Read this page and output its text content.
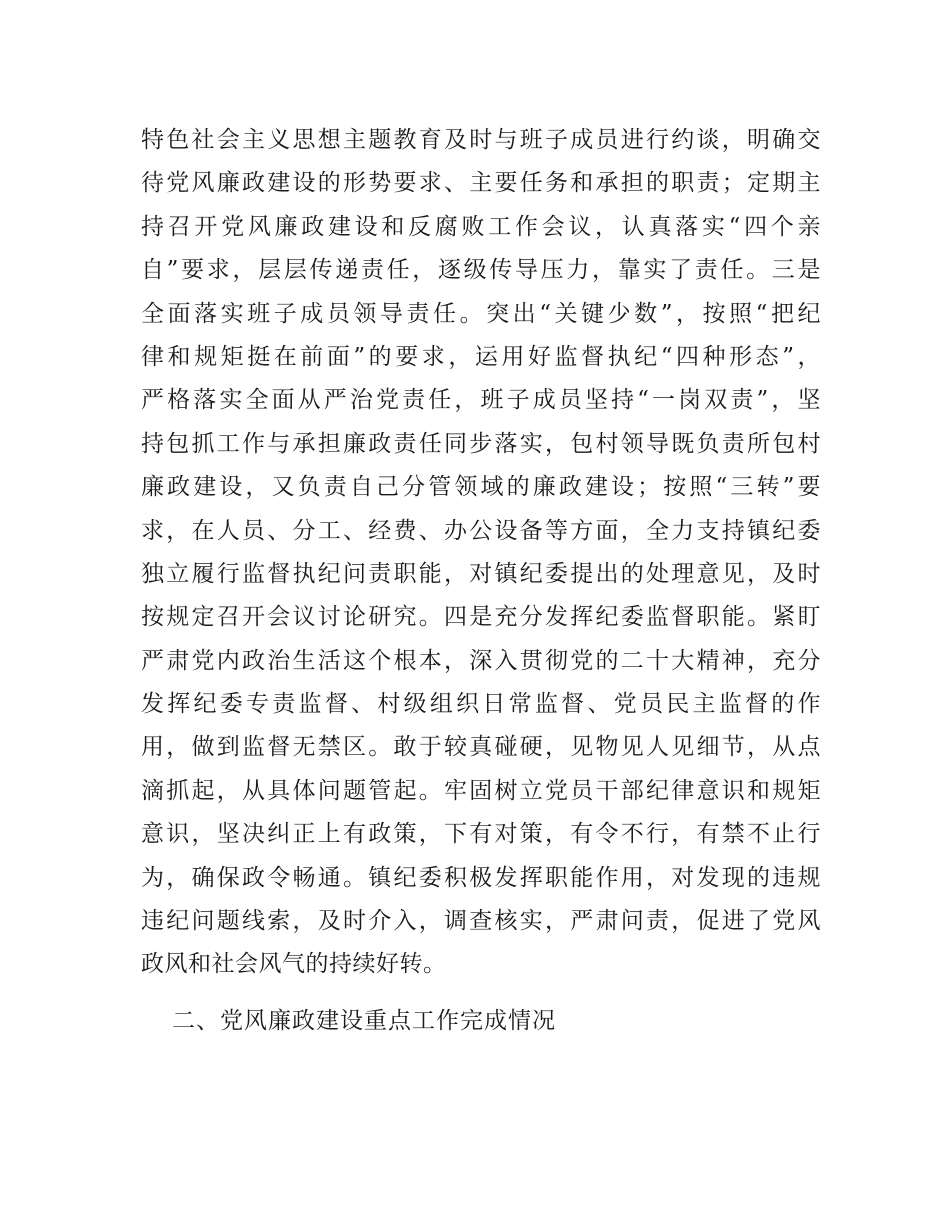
特色社会主义思想主题教育及时与班子成员进行约谈，明确交
待党风廉政建设的形势要求、主要任务和承担的职责；定期主
持召开党风廉政建设和反腐败工作会议，认真落实“四个亲
自”要求，层层传递责任，逐级传导压力，靠实了责任。三是
全面落实班子成员领导责任。突出“关键少数”，按照“把纪
律和规矩挺在前面”的要求，运用好监督执纪“四种形态”，
严格落实全面从严治党责任，班子成员坚持“一岗双责”，坚
持包抓工作与承担廉政责任同步落实，包村领导既负责所包村
廉政建设，又负责自己分管领域的廉政建设；按照“三转”要
求，在人员、分工、经费、办公设备等方面，全力支持镇纪委
独立履行监督执纪问责职能，对镇纪委提出的处理意见，及时
按规定召开会议讨论研究。四是充分发挥纪委监督职能。紧盯
严肃党内政治生活这个根本，深入贯彻党的二十大精神，充分
发挥纪委专责监督、村级组织日常监督、党员民主监督的作
用，做到监督无禁区。敢于较真碰硬，见物见人见细节，从点
滴抓起，从具体问题管起。牢固树立党员干部纪律意识和规矩
意识，坚决纠正上有政策，下有对策，有令不行，有禁不止行
为，确保政令畅通。镇纪委积极发挥职能作用，对发现的违规
违纪问题线索，及时介入，调查核实，严肃问责，促进了党风
政风和社会风气的持续好转。
二、党风廉政建设重点工作完成情况
